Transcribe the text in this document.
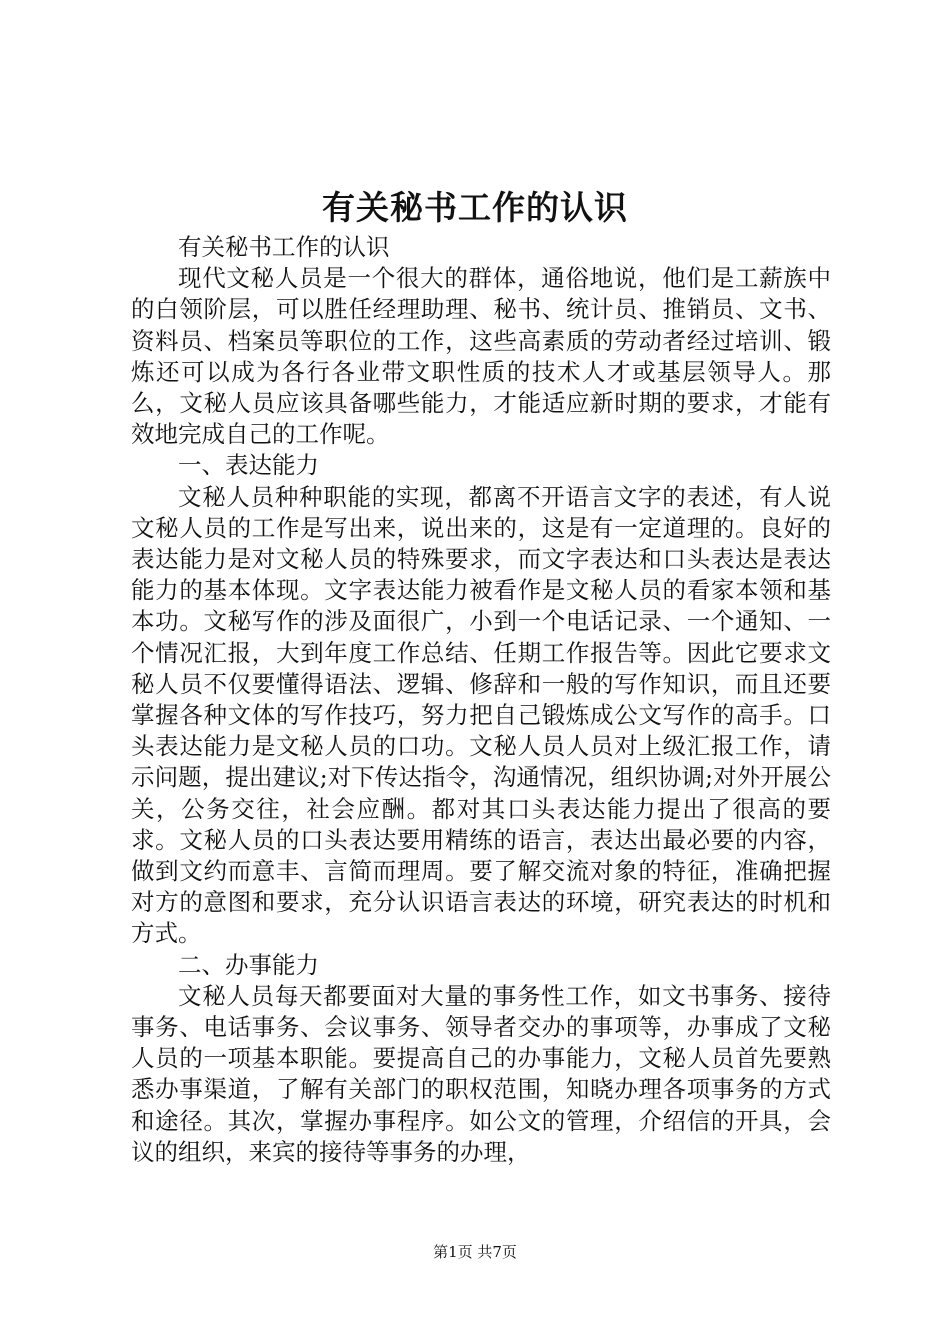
有关秘书工作的认识

有关秘书工作的认识

现代文秘人员是一个很大的群体，通俗地说，他们是工薪族中的白领阶层，可以胜任经理助理、秘书、统计员、推销员、文书、资料员、档案员等职位的工作，这些高素质的劳动者经过培训、锻炼还可以成为各行各业带文职性质的技术人才或基层领导人。那么，文秘人员应该具备哪些能力，才能适应新时期的要求，才能有效地完成自己的工作呢。

一、表达能力

文秘人员种种职能的实现，都离不开语言文字的表述，有人说文秘人员的工作是写出来，说出来的，这是有一定道理的。良好的表达能力是对文秘人员的特殊要求，而文字表达和口头表达是表达能力的基本体现。文字表达能力被看作是文秘人员的看家本领和基本功。文秘写作的涉及面很广，小到一个电话记录、一个通知、一个情况汇报，大到年度工作总结、任期工作报告等。因此它要求文秘人员不仅要懂得语法、逻辑、修辞和一般的写作知识，而且还要掌握各种文体的写作技巧，努力把自己锻炼成公文写作的高手。口头表达能力是文秘人员的口功。文秘人员人员对上级汇报工作，请示问题，提出建议;对下传达指令，沟通情况，组织协调;对外开展公关，公务交往，社会应酬。都对其口头表达能力提出了很高的要求。文秘人员的口头表达要用精练的语言，表达出最必要的内容，做到文约而意丰、言简而理周。要了解交流对象的特征，准确把握对方的意图和要求，充分认识语言表达的环境，研究表达的时机和方式。

二、办事能力

文秘人员每天都要面对大量的事务性工作，如文书事务、接待事务、电话事务、会议事务、领导者交办的事项等，办事成了文秘人员的一项基本职能。要提高自己的办事能力，文秘人员首先要熟悉办事渠道，了解有关部门的职权范围，知晓办理各项事务的方式和途径。其次，掌握办事程序。如公文的管理，介绍信的开具，会议的组织，来宾的接待等事务的办理，

第1页 共7页
